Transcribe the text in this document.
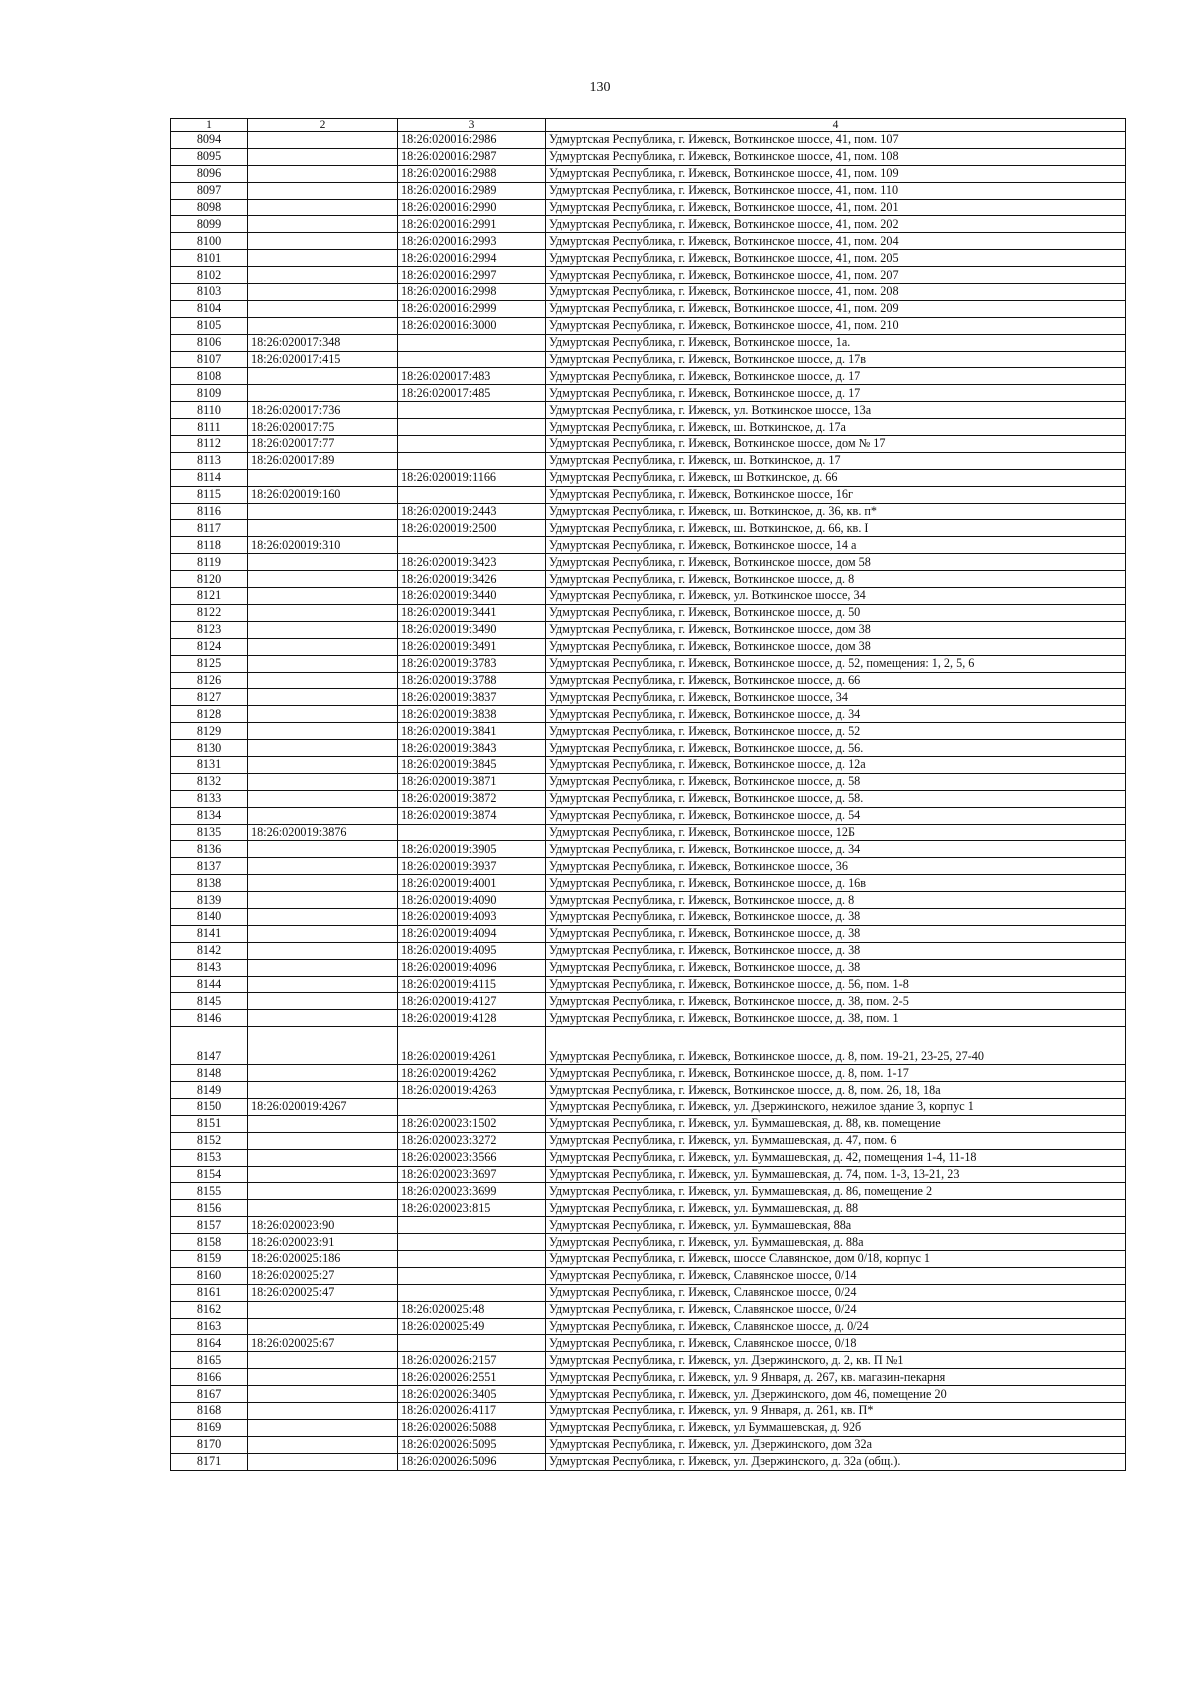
130
1	2	3	4
8094		18:26:020016:2986	Удмуртская Республика, г. Ижевск, Воткинское шоссе, 41, пом. 107
8095		18:26:020016:2987	Удмуртская Республика, г. Ижевск, Воткинское шоссе, 41, пом. 108
8096		18:26:020016:2988	Удмуртская Республика, г. Ижевск, Воткинское шоссе, 41, пом. 109
8097		18:26:020016:2989	Удмуртская Республика, г. Ижевск, Воткинское шоссе, 41, пом. 110
8098		18:26:020016:2990	Удмуртская Республика, г. Ижевск, Воткинское шоссе, 41, пом. 201
8099		18:26:020016:2991	Удмуртская Республика, г. Ижевск, Воткинское шоссе, 41, пом. 202
8100		18:26:020016:2993	Удмуртская Республика, г. Ижевск, Воткинское шоссе, 41, пом. 204
8101		18:26:020016:2994	Удмуртская Республика, г. Ижевск, Воткинское шоссе, 41, пом. 205
8102		18:26:020016:2997	Удмуртская Республика, г. Ижевск, Воткинское шоссе, 41, пом. 207
8103		18:26:020016:2998	Удмуртская Республика, г. Ижевск, Воткинское шоссе, 41, пом. 208
8104		18:26:020016:2999	Удмуртская Республика, г. Ижевск, Воткинское шоссе, 41, пом. 209
8105		18:26:020016:3000	Удмуртская Республика, г. Ижевск, Воткинское шоссе, 41, пом. 210
8106	18:26:020017:348		Удмуртская Республика, г. Ижевск, Воткинское шоссе, 1а.
8107	18:26:020017:415		Удмуртская Республика, г. Ижевск, Воткинское шоссе, д. 17в
8108		18:26:020017:483	Удмуртская Республика, г. Ижевск, Воткинское шоссе, д. 17
8109		18:26:020017:485	Удмуртская Республика, г. Ижевск, Воткинское шоссе, д. 17
8110	18:26:020017:736		Удмуртская Республика, г. Ижевск, ул. Воткинское шоссе, 13а
8111	18:26:020017:75		Удмуртская Республика, г. Ижевск, ш. Воткинское, д. 17а
8112	18:26:020017:77		Удмуртская Республика, г. Ижевск, Воткинское шоссе, дом № 17
8113	18:26:020017:89		Удмуртская Республика, г. Ижевск, ш. Воткинское, д. 17
8114		18:26:020019:1166	Удмуртская Республика, г. Ижевск, ш Воткинское, д. 66
8115	18:26:020019:160		Удмуртская Республика, г. Ижевск, Воткинское шоссе, 16г
8116		18:26:020019:2443	Удмуртская Республика, г. Ижевск, ш. Воткинское, д. 36, кв. п*
8117		18:26:020019:2500	Удмуртская Республика, г. Ижевск, ш. Воткинское, д. 66, кв. I
8118	18:26:020019:310		Удмуртская Республика, г. Ижевск, Воткинское шоссе, 14 а
8119		18:26:020019:3423	Удмуртская Республика, г. Ижевск, Воткинское шоссе, дом 58
8120		18:26:020019:3426	Удмуртская Республика, г. Ижевск, Воткинское шоссе, д. 8
8121		18:26:020019:3440	Удмуртская Республика, г. Ижевск, ул. Воткинское шоссе, 34
8122		18:26:020019:3441	Удмуртская Республика, г. Ижевск, Воткинское шоссе, д. 50
8123		18:26:020019:3490	Удмуртская Республика, г. Ижевск, Воткинское шоссе, дом 38
8124		18:26:020019:3491	Удмуртская Республика, г. Ижевск, Воткинское шоссе, дом 38
8125		18:26:020019:3783	Удмуртская Республика, г. Ижевск, Воткинское шоссе, д. 52, помещения: 1, 2, 5, 6
8126		18:26:020019:3788	Удмуртская Республика, г. Ижевск, Воткинское шоссе, д. 66
8127		18:26:020019:3837	Удмуртская Республика, г. Ижевск, Воткинское шоссе, 34
8128		18:26:020019:3838	Удмуртская Республика, г. Ижевск, Воткинское шоссе, д. 34
8129		18:26:020019:3841	Удмуртская Республика, г. Ижевск, Воткинское шоссе, д. 52
8130		18:26:020019:3843	Удмуртская Республика, г. Ижевск, Воткинское шоссе, д. 56.
8131		18:26:020019:3845	Удмуртская Республика, г. Ижевск, Воткинское шоссе, д. 12а
8132		18:26:020019:3871	Удмуртская Республика, г. Ижевск, Воткинское шоссе, д. 58
8133		18:26:020019:3872	Удмуртская Республика, г. Ижевск, Воткинское шоссе, д. 58.
8134		18:26:020019:3874	Удмуртская Республика, г. Ижевск, Воткинское шоссе, д. 54
8135	18:26:020019:3876		Удмуртская Республика, г. Ижевск, Воткинское шоссе, 12Б
8136		18:26:020019:3905	Удмуртская Республика, г. Ижевск, Воткинское шоссе, д. 34
8137		18:26:020019:3937	Удмуртская Республика, г. Ижевск, Воткинское шоссе, 36
8138		18:26:020019:4001	Удмуртская Республика, г. Ижевск, Воткинское шоссе, д. 16в
8139		18:26:020019:4090	Удмуртская Республика, г. Ижевск, Воткинское шоссе, д. 8
8140		18:26:020019:4093	Удмуртская Республика, г. Ижевск, Воткинское шоссе, д. 38
8141		18:26:020019:4094	Удмуртская Республика, г. Ижевск, Воткинское шоссе, д. 38
8142		18:26:020019:4095	Удмуртская Республика, г. Ижевск, Воткинское шоссе, д. 38
8143		18:26:020019:4096	Удмуртская Республика, г. Ижевск, Воткинское шоссе, д. 38
8144		18:26:020019:4115	Удмуртская Республика, г. Ижевск, Воткинское шоссе, д. 56, пом. 1-8
8145		18:26:020019:4127	Удмуртская Республика, г. Ижевск, Воткинское шоссе, д. 38, пом. 2-5
8146		18:26:020019:4128	Удмуртская Республика, г. Ижевск, Воткинское шоссе, д. 38, пом. 1
8147		18:26:020019:4261	Удмуртская Республика, г. Ижевск, Воткинское шоссе, д. 8, пом. 19-21, 23-25, 27-40
8148		18:26:020019:4262	Удмуртская Республика, г. Ижевск, Воткинское шоссе, д. 8, пом. 1-17
8149		18:26:020019:4263	Удмуртская Республика, г. Ижевск, Воткинское шоссе, д. 8, пом. 26, 18, 18а
8150	18:26:020019:4267		Удмуртская Республика, г. Ижевск, ул. Дзержинского, нежилое здание 3, корпус 1
8151		18:26:020023:1502	Удмуртская Республика, г. Ижевск, ул. Буммашевская, д. 88, кв. помещение
8152		18:26:020023:3272	Удмуртская Республика, г. Ижевск, ул. Буммашевская, д. 47, пом. 6
8153		18:26:020023:3566	Удмуртская Республика, г. Ижевск, ул. Буммашевская, д. 42, помещения 1-4, 11-18
8154		18:26:020023:3697	Удмуртская Республика, г. Ижевск, ул. Буммашевская, д. 74, пом. 1-3, 13-21, 23
8155		18:26:020023:3699	Удмуртская Республика, г. Ижевск, ул. Буммашевская, д. 86, помещение 2
8156		18:26:020023:815	Удмуртская Республика, г. Ижевск, ул. Буммашевская, д. 88
8157	18:26:020023:90		Удмуртская Республика, г. Ижевск, ул. Буммашевская, 88а
8158	18:26:020023:91		Удмуртская Республика, г. Ижевск, ул. Буммашевская, д. 88а
8159	18:26:020025:186		Удмуртская Республика, г. Ижевск, шоссе Славянское, дом 0/18, корпус 1
8160	18:26:020025:27		Удмуртская Республика, г. Ижевск, Славянское шоссе, 0/14
8161	18:26:020025:47		Удмуртская Республика, г. Ижевск, Славянское шоссе, 0/24
8162		18:26:020025:48	Удмуртская Республика, г. Ижевск, Славянское шоссе, 0/24
8163		18:26:020025:49	Удмуртская Республика, г. Ижевск, Славянское шоссе, д. 0/24
8164	18:26:020025:67		Удмуртская Республика, г. Ижевск, Славянское шоссе, 0/18
8165		18:26:020026:2157	Удмуртская Республика, г. Ижевск, ул. Дзержинского, д. 2, кв. П №1
8166		18:26:020026:2551	Удмуртская Республика, г. Ижевск, ул. 9 Января, д. 267, кв. магазин-пекарня
8167		18:26:020026:3405	Удмуртская Республика, г. Ижевск, ул. Дзержинского, дом 46, помещение 20
8168		18:26:020026:4117	Удмуртская Республика, г. Ижевск, ул. 9 Января, д. 261, кв. П*
8169		18:26:020026:5088	Удмуртская Республика, г. Ижевск, ул Буммашевская, д. 92б
8170		18:26:020026:5095	Удмуртская Республика, г. Ижевск, ул. Дзержинского, дом 32а
8171		18:26:020026:5096	Удмуртская Республика, г. Ижевск, ул. Дзержинского, д. 32а (общ.).
